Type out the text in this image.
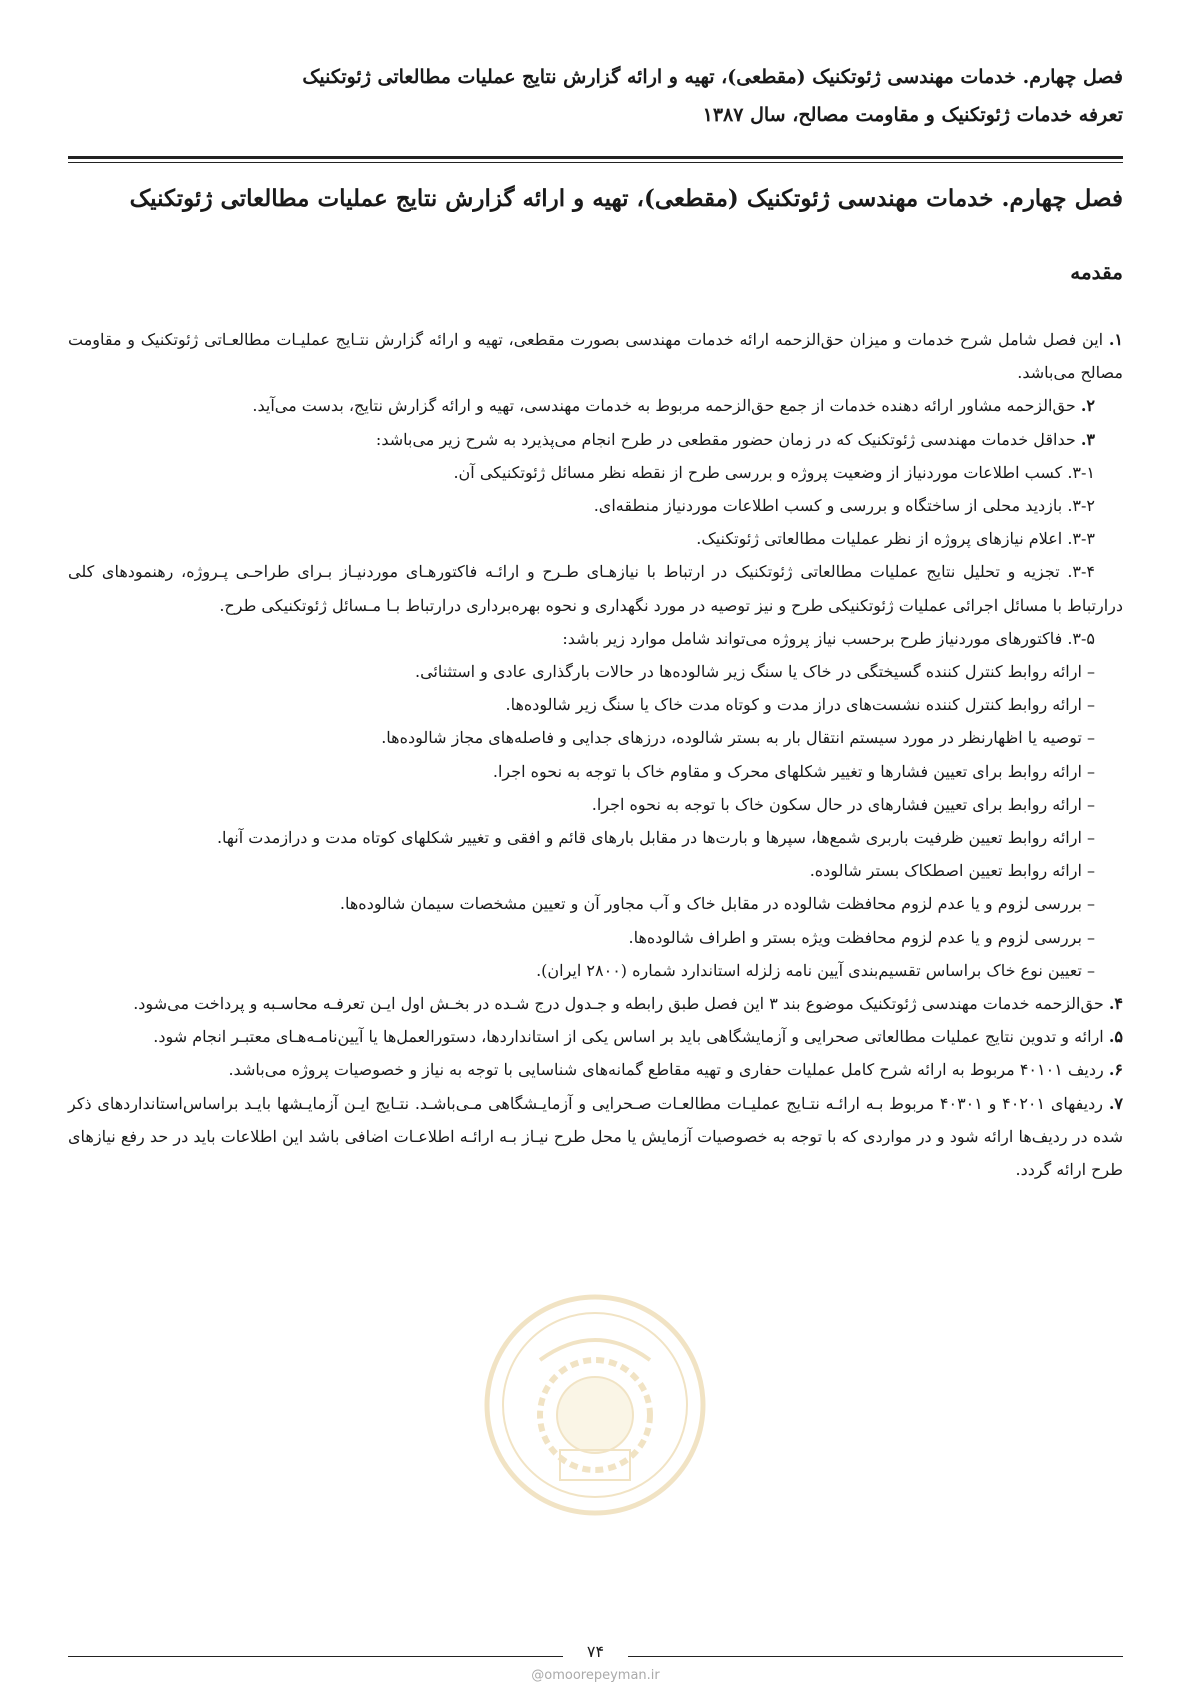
فصل چهارم. خدمات مهندسی ژئوتکنیک (مقطعی)، تهیه و ارائه گزارش نتایج عملیات مطالعاتی ژئوتکنیک
تعرفه خدمات ژئوتکنیک و مقاومت مصالح، سال ۱۳۸۷
فصل چهارم. خدمات مهندسی ژئوتکنیک (مقطعی)، تهیه و ارائه گزارش نتایج عملیات مطالعاتی ژئوتکنیک
مقدمه

۱. این فصل شامل شرح خدمات و میزان حق‌الزحمه ارائه خدمات مهندسی بصورت مقطعی، تهیه و ارائه گزارش نتـایج عملیـات مطالعـاتی ژئوتکنیک و مقاومت مصالح می‌باشد.

۲. حق‌الزحمه مشاور ارائه دهنده خدمات از جمع حق‌الزحمه مربوط به خدمات مهندسی، تهیه و ارائه گزارش نتایج، بدست می‌آید.

۳. حداقل خدمات مهندسی ژئوتکنیک که در زمان حضور مقطعی در طرح انجام می‌پذیرد به شرح زیر می‌باشد:

۳-۱. کسب اطلاعات موردنیاز از وضعیت پروژه و بررسی طرح از نقطه نظر مسائل ژئوتکنیکی آن.

۳-۲. بازدید محلی از ساختگاه و بررسی و کسب اطلاعات موردنیاز منطقه‌ای.

۳-۳. اعلام نیازهای پروژه از نظر عملیات مطالعاتی ژئوتکنیک.

۳-۴. تجزیه و تحلیل نتایج عملیات مطالعاتی ژئوتکنیک در ارتباط با نیازهـای طـرح و ارائـه فاکتورهـای موردنیـاز بـرای طراحـی پـروژه، رهنمودهای کلی درارتباط با مسائل اجرائی عملیات ژئوتکنیکی طرح و نیز توصیه در مورد نگهداری و نحوه بهره‌برداری درارتباط بـا مـسائل ژئوتکنیکی طرح.

۳-۵. فاکتورهای موردنیاز طرح برحسب نیاز پروژه می‌تواند شامل موارد زیر باشد:

– ارائه روابط کنترل کننده گسیختگی در خاک یا سنگ زیر شالوده‌ها در حالات بارگذاری عادی و استثنائی.

– ارائه روابط کنترل کننده نشست‌های دراز مدت و کوتاه مدت خاک یا سنگ زیر شالوده‌ها.

– توصیه یا اظهارنظر در مورد سیستم انتقال بار به بستر شالوده، درزهای جدایی و فاصله‌های مجاز شالوده‌ها.

– ارائه روابط برای تعیین فشارها و تغییر شکلهای محرک و مقاوم خاک با توجه به نحوه اجرا.

– ارائه روابط برای تعیین فشارهای در حال سکون خاک با توجه به نحوه اجرا.

– ارائه روابط تعیین ظرفیت باربری شمع‌ها، سپرها و بارت‌ها در مقابل بارهای قائم و افقی و تغییر شکلهای کوتاه مدت و درازمدت آنها.

– ارائه روابط تعیین اصطکاک بستر شالوده.

– بررسی لزوم و یا عدم لزوم محافظت شالوده در مقابل خاک و آب مجاور آن و تعیین مشخصات سیمان شالوده‌ها.

– بررسی لزوم و یا عدم لزوم محافظت ویژه بستر و اطراف شالوده‌ها.

– تعیین نوع خاک براساس تقسیم‌بندی آیین نامه زلزله استاندارد شماره (۲۸۰۰ ایران).

۴. حق‌الزحمه خدمات مهندسی ژئوتکنیک موضوع بند ۳ این فصل طبق رابطه و جـدول درج شـده در بخـش اول ایـن تعرفـه محاسـبه و پرداخت می‌شود.

۵. ارائه و تدوین نتایج عملیات مطالعاتی صحرایی و آزمایشگاهی باید بر اساس یکی از استانداردها، دستورالعمل‌ها یا آیین‌نامـه‌هـای معتبـر انجام شود.

۶. ردیف ۴۰۱۰۱ مربوط به ارائه شرح کامل عملیات حفاری و تهیه مقاطع گمانه‌های شناسایی با توجه به نیاز و خصوصیات پروژه می‌باشد.

۷. ردیفهای ۴۰۲۰۱ و ۴۰۳۰۱ مربوط بـه ارائـه نتـایج عملیـات مطالعـات صـحرایی و آزمایـشگاهی مـی‌باشـد. نتـایج ایـن آزمایـشها بایـد براساس‌استانداردهای ذکر شده در ردیف‌ها ارائه شود و در مواردی که با توجه به خصوصیات آزمایش یا محل طرح نیـاز بـه ارائـه اطلاعـات اضافی باشد این اطلاعات باید در حد رفع نیازهای طرح ارائه گردد.

۷۴
@omoorepeyman.ir
